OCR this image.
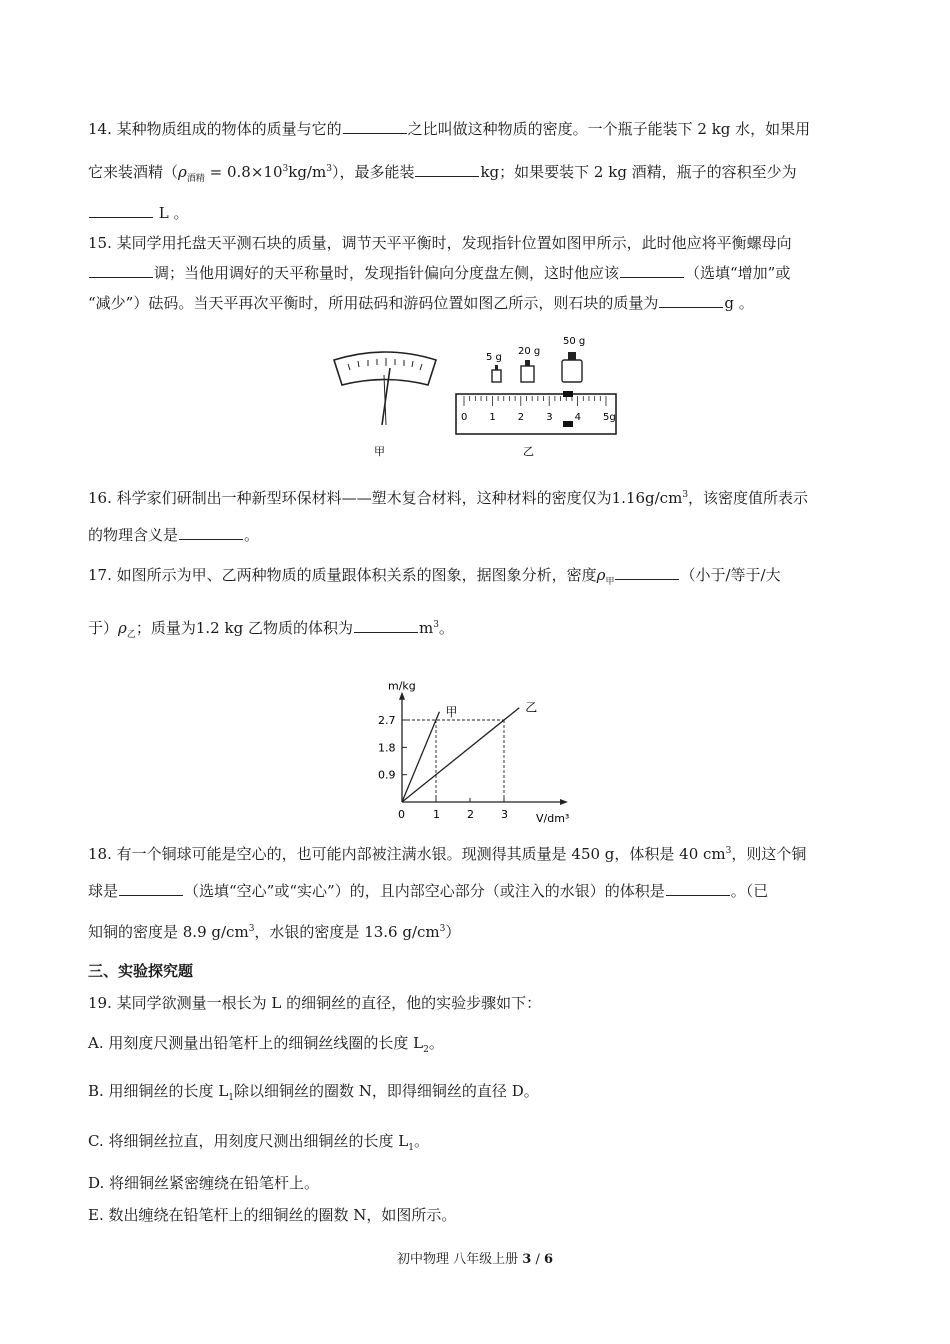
14. 某种物质组成的物体的质量与它的	之比叫做这种物质的密度。一个瓶子能装下 2 kg 水，如果用
它来装酒精$(\rho_{酒精} = 0.8\times 10^3kg/m^3)$，最多能装	kg；如果要装下 2 kg 酒精，瓶子的容积至少为
L 。
15. 某同学用托盘天平测石块的质量，调节天平平衡时，发现指针位置如图甲所示，此时他应将平衡螺母向
调；当他用调好的天平称量时，发现指针偏向分度盘左侧，这时他应该	（选填“增加”或
“减少”）砝码。当天平再次平衡时，所用砝码和游码位置如图乙所示，则石块的质量为	g 。
甲
5 g
20 g
50 g
0 1 2 3 4 5g
乙
16. 科学家们研制出一种新型环保材料——塑木复合材料，这种材料的密度仅为$1.16g/cm^3$，该密度值所表示
的物理含义是	。
17. 如图所示为甲、乙两种物质的质量跟体积关系的图象，据图象分析，密度$\rho_甲$	（小于/等于/大
于）$\rho_乙$；质量为1.2 kg 乙物质的体积为	$m^3$。
m/kg
V/dm³
0	1 2 3
0.9
1.8
2.7
甲	乙
18. 有一个铜球可能是空心的，也可能内部被注满水银。现测得其质量是 450 g，体积是 40 $cm^3$，则这个铜
球是	（选填“空心”或“实心”）的，且内部空心部分（或注入的水银）的体积是	。（已
知铜的密度是 8.9 $g/cm^3$，水银的密度是 13.6 $g/cm^3$）
三、实验探究题
19. 某同学欲测量一根长为 L 的细铜丝的直径，他的实验步骤如下：
A. 用刻度尺测量出铅笔杆上的细铜丝线圈的长度 $L_2$。
B. 用细铜丝的长度 $L_1$除以细铜丝的圈数 N，即得细铜丝的直径 D。
C. 将细铜丝拉直，用刻度尺测出细铜丝的长度 $L_1$。
D. 将细铜丝紧密缠绕在铅笔杆上。
E. 数出缠绕在铅笔杆上的细铜丝的圈数 N，如图所示。
初中物理 八年级上册 3 / 6
